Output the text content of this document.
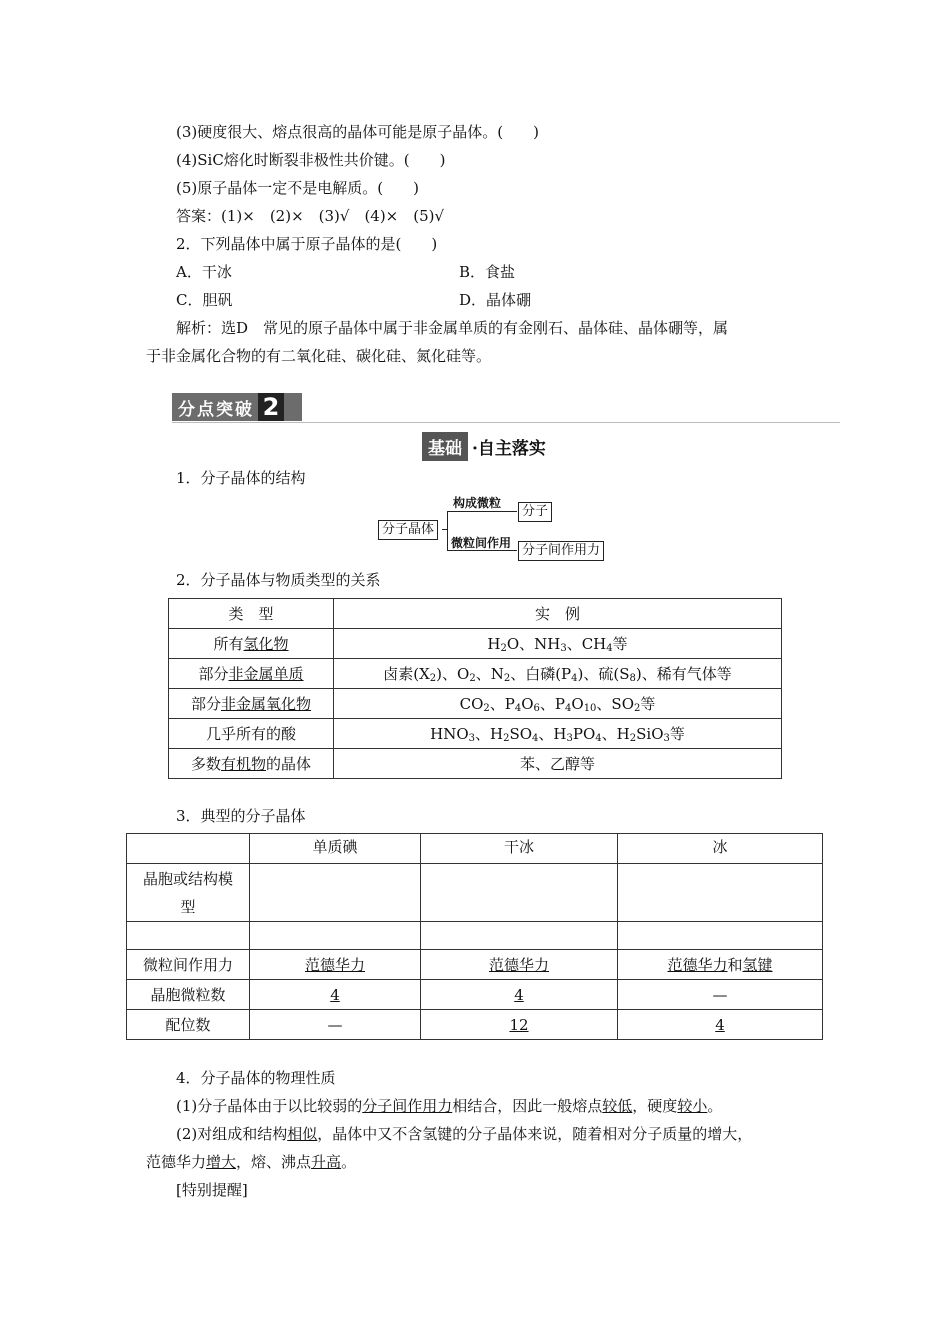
(3)硬度很大、熔点很高的晶体可能是原子晶体。(　　)
(4)SiC熔化时断裂非极性共价键。(　　)
(5)原子晶体一定不是电解质。(　　)
答案：(1)×　(2)×　(3)√　(4)×　(5)√
2．下列晶体中属于原子晶体的是(　　)
A．干冰	B．食盐
C．胆矾	D．晶体硼
解析：选D　常见的原子晶体中属于非金属单质的有金刚石、晶体硅、晶体硼等，属
于非金属化合物的有二氧化硅、碳化硅、氮化硅等。
分点突破 2
基础 ·自主落实
1．分子晶体的结构
分子晶体
构成微粒
微粒间作用
分子
分子间作用力
2．分子晶体与物质类型的关系
类　型	实　例
所有氢化物	$H_2O$、$NH_3$、$CH_4$等
部分非金属单质	卤素$(X_2)$、$O_2$、$N_2$、白磷$(P_4)$、硫$(S_8)$、稀有气体等
部分非金属氧化物	$CO_2$、$P_4O_6$、$P_4O_{10}$、$SO_2$等
几乎所有的酸	$HNO_3$、$H_2SO_4$、$H_3PO_4$、$H_2SiO_3$等
多数有机物的晶体	苯、乙醇等
3．典型的分子晶体
	单质碘	干冰	冰
晶胞或结构模
型			

微粒间作用力	范德华力	范德华力	范德华力和氢键
晶胞微粒数	4	4	—
配位数	—	12	4
4．分子晶体的物理性质
(1)分子晶体由于以比较弱的分子间作用力相结合，因此一般熔点较低，硬度较小。
(2)对组成和结构相似，晶体中又不含氢键的分子晶体来说，随着相对分子质量的增大，
范德华力增大，熔、沸点升高。
[特别提醒]
